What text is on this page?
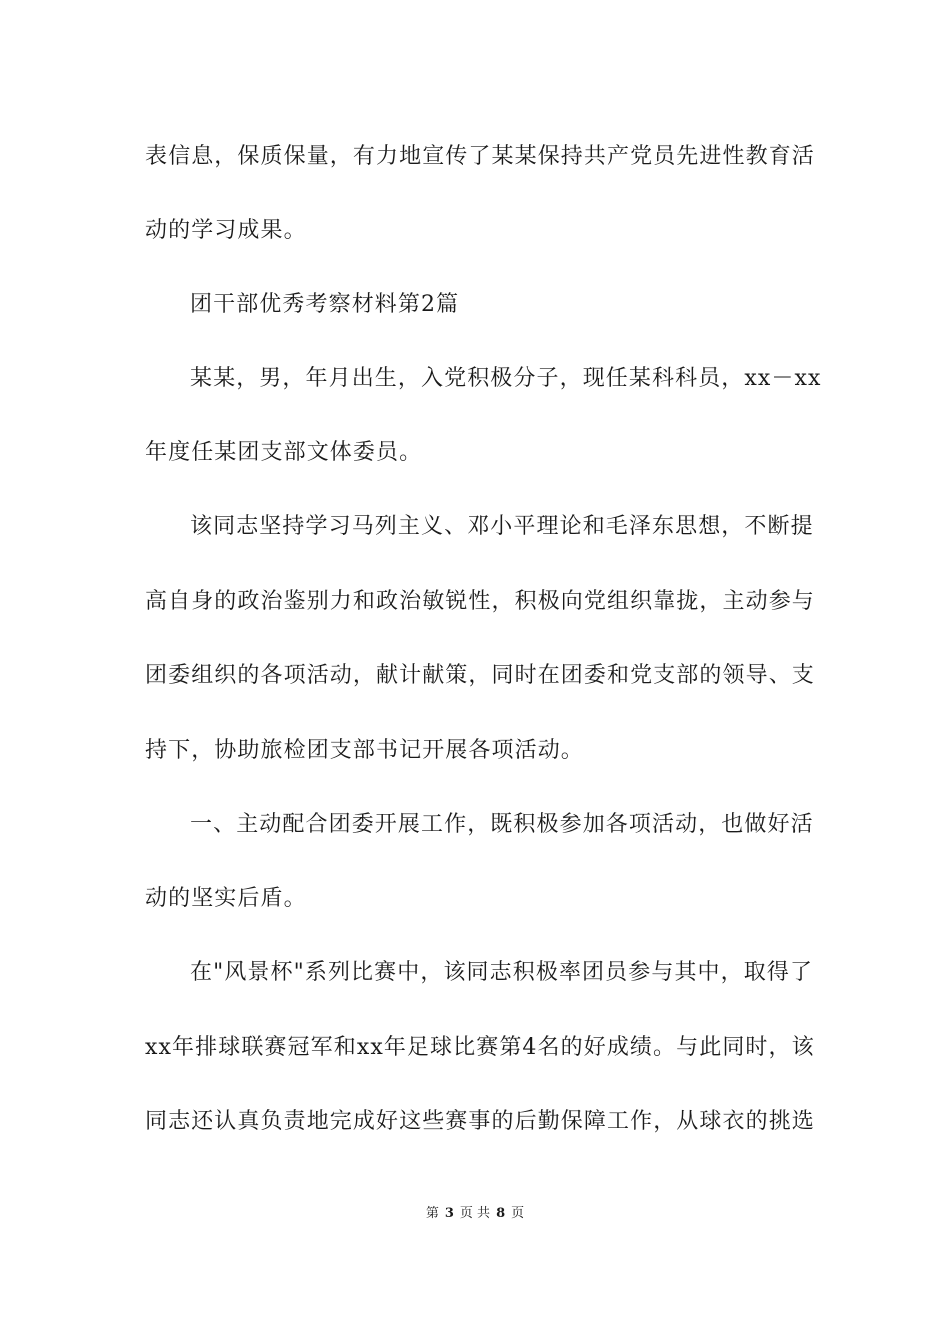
表信息，保质保量，有力地宣传了某某保持共产党员先进性教育活
动的学习成果。
团干部优秀考察材料第2篇
某某，男，年月出生，入党积极分子，现任某科科员，xx－xx
年度任某团支部文体委员。
该同志坚持学习马列主义、邓小平理论和毛泽东思想，不断提
高自身的政治鉴别力和政治敏锐性，积极向党组织靠拢，主动参与
团委组织的各项活动，献计献策，同时在团委和党支部的领导、支
持下，协助旅检团支部书记开展各项活动。
一、主动配合团委开展工作，既积极参加各项活动，也做好活
动的坚实后盾。
在"风景杯"系列比赛中，该同志积极率团员参与其中，取得了
xx年排球联赛冠军和xx年足球比赛第4名的好成绩。与此同时，该
同志还认真负责地完成好这些赛事的后勤保障工作，从球衣的挑选
第 3 页 共 8 页
